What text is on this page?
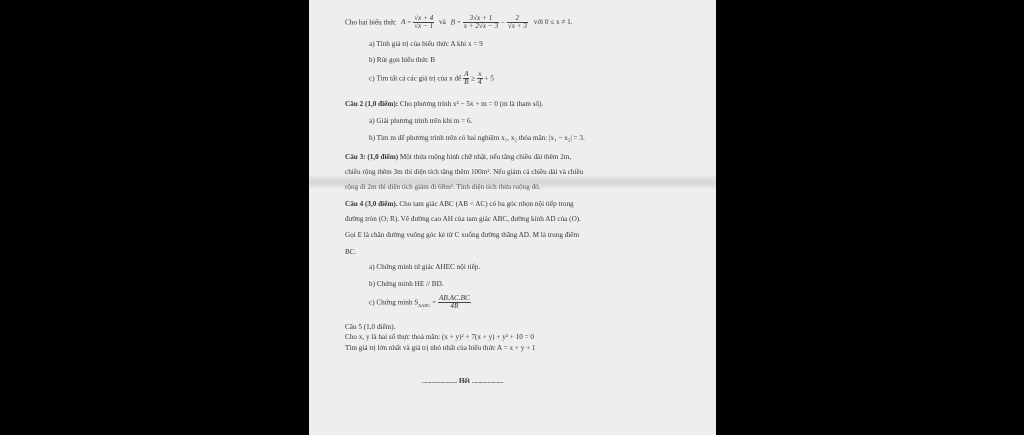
Cho hai biểu thức $A = \frac{√x + 4}{√x - 1}$ và $B = \frac{3√x + 1}{x + 2√x - 3} - \frac{2}{√x + 3}$ với 0 ≤ x ≠ 1.
a) Tính giá trị của biểu thức A khi x = 9
b) Rút gọn biểu thức B
c) Tìm tất cả các giá trị của x để $\frac{A}{B} \ge \frac{x}{4} + 5$
Câu 2 (1,0 điểm): Cho phương trình x² − 5x + m = 0 (m là tham số).
a) Giải phương trình trên khi m = 6.
b) Tìm m để phương trình trên có hai nghiệm x₁, x₂ thỏa mãn: |x₁ − x₂| = 3.
Câu 3: (1,0 điểm) Một thửa ruộng hình chữ nhật, nếu tăng chiều dài thêm 2m,
chiều rộng thêm 3m thì diện tích tăng thêm 100m². Nếu giảm cả chiều dài và chiều
rộng đi 2m thì diện tích giảm đi 68m². Tính diện tích thửa ruộng đó.
Câu 4 (3,0 điểm). Cho tam giác ABC (AB < AC) có ba góc nhọn nội tiếp trong
đường tròn (O; R). Vẽ đường cao AH của tam giác ABC, đường kính AD của (O).
Gọi E là chân đường vuông góc kẻ từ C xuống đường thẳng AD. M là trung điểm
BC.
a) Chứng minh tứ giác AHEC nội tiếp.
b) Chứng minh HE // BD.
c) Chứng minh $S_{\Delta ABC} = \frac{AB.AC.BC}{4R}$
Câu 5 (1,0 điểm).
Cho x, y là hai số thực thoả mãn: (x + y)² + 7(x + y) + y² + 10 = 0
Tìm giá trị lớn nhất và giá trị nhỏ nhất của biểu thức A = x + y + 1
........................... Hết ........................
